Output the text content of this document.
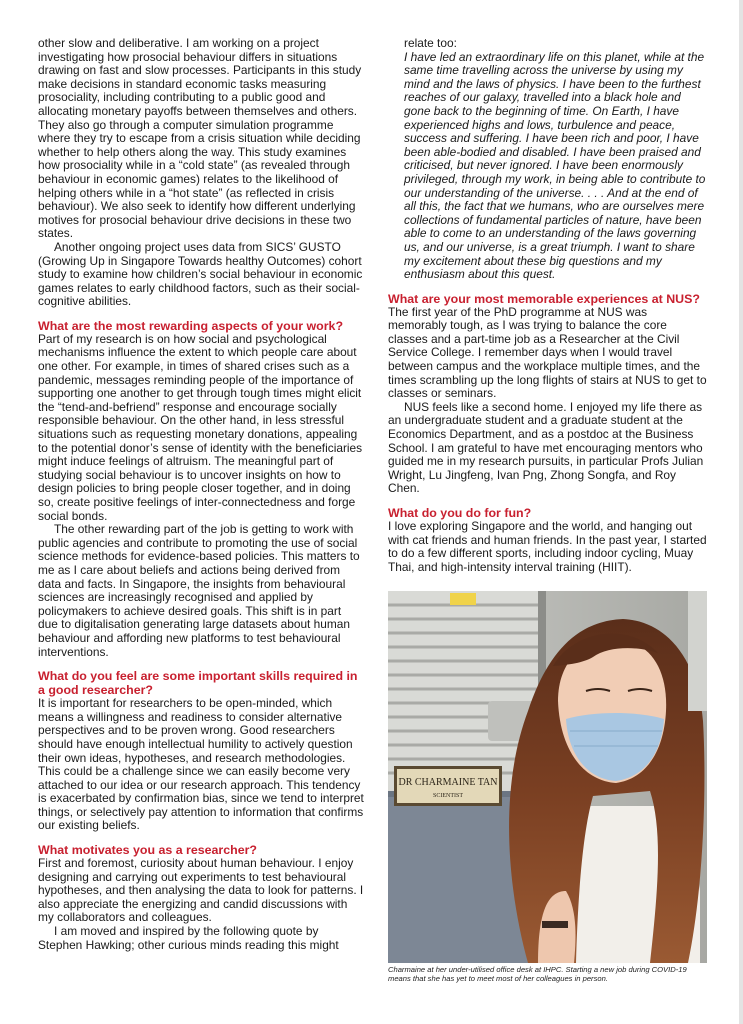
other slow and deliberative. I am working on a project investigating how prosocial behaviour differs in situations drawing on fast and slow processes. Participants in this study make decisions in standard economic tasks measuring prosociality, including contributing to a public good and allocating monetary payoffs between themselves and others. They also go through a computer simulation programme where they try to escape from a crisis situation while deciding whether to help others along the way. This study examines how prosociality while in a “cold state” (as revealed through behaviour in economic games) relates to the likelihood of helping others while in a “hot state” (as reflected in crisis behaviour). We also seek to identify how different underlying motives for prosocial behaviour drive decisions in these two states.

Another ongoing project uses data from SICS’ GUSTO (Growing Up in Singapore Towards healthy Outcomes) cohort study to examine how children’s social behaviour in economic games relates to early childhood factors, such as their social-cognitive abilities.

What are the most rewarding aspects of your work?

Part of my research is on how social and psychological mechanisms influence the extent to which people care about one other. For example, in times of shared crises such as a pandemic, messages reminding people of the importance of supporting one another to get through tough times might elicit the “tend-and-befriend” response and encourage socially responsible behaviour. On the other hand, in less stressful situations such as requesting monetary donations, appealing to the potential donor’s sense of identity with the beneficiaries might induce feelings of altruism. The meaningful part of studying social behaviour is to uncover insights on how to design policies to bring people closer together, and in doing so, create positive feelings of inter-connectedness and forge social bonds.

The other rewarding part of the job is getting to work with public agencies and contribute to promoting the use of social science methods for evidence-based policies. This matters to me as I care about beliefs and actions being derived from data and facts. In Singapore, the insights from behavioural sciences are increasingly recognised and applied by policymakers to achieve desired goals. This shift is in part due to digitalisation generating large datasets about human behaviour and affording new platforms to test behavioural interventions.

What do you feel are some important skills required in a good researcher?

It is important for researchers to be open-minded, which means a willingness and readiness to consider alternative perspectives and to be proven wrong. Good researchers should have enough intellectual humility to actively question their own ideas, hypotheses, and research methodologies. This could be a challenge since we can easily become very attached to our idea or our research approach. This tendency is exacerbated by confirmation bias, since we tend to interpret things, or selectively pay attention to information that confirms our existing beliefs.

What motivates you as a researcher?

First and foremost, curiosity about human behaviour. I enjoy designing and carrying out experiments to test behavioural hypotheses, and then analysing the data to look for patterns. I also appreciate the energizing and candid discussions with my collaborators and colleagues.

I am moved and inspired by the following quote by Stephen Hawking; other curious minds reading this might

relate too:

I have led an extraordinary life on this planet, while at the same time travelling across the universe by using my mind and the laws of physics. I have been to the furthest reaches of our galaxy, travelled into a black hole and gone back to the beginning of time. On Earth, I have experienced highs and lows, turbulence and peace, success and suffering. I have been rich and poor, I have been able-bodied and disabled. I have been praised and criticised, but never ignored. I have been enormously privileged, through my work, in being able to contribute to our understanding of the universe. . . . And at the end of all this, the fact that we humans, who are ourselves mere collections of fundamental particles of nature, have been able to come to an understanding of the laws governing us, and our universe, is a great triumph. I want to share my excitement about these big questions and my enthusiasm about this quest.

What are your most memorable experiences at NUS?

The first year of the PhD programme at NUS was memorably tough, as I was trying to balance the core classes and a part-time job as a Researcher at the Civil Service College. I remember days when I would travel between campus and the workplace multiple times, and the times scrambling up the long flights of stairs at NUS to get to classes or seminars.

NUS feels like a second home. I enjoyed my life there as an undergraduate student and a graduate student at the Economics Department, and as a postdoc at the Business School. I am grateful to have met encouraging mentors who guided me in my research pursuits, in particular Profs Julian Wright, Lu Jingfeng, Ivan Png, Zhong Songfa, and Roy Chen.

What do you do for fun?

I love exploring Singapore and the world, and hanging out with cat friends and human friends. In the past year, I started to do a few different sports, including indoor cycling, Muay Thai, and high-intensity interval training (HIIT).

DR CHARMAINE TAN
SCIENTIST
Charmaine at her under-utilised office desk at IHPC. Starting a new job during COVID-19 means that she has yet to meet most of her colleagues in person.
